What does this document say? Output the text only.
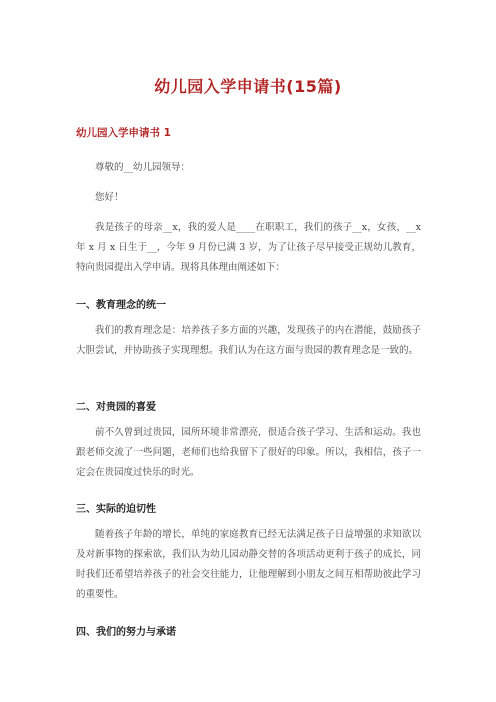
幼儿园入学申请书(15篇)
幼儿园入学申请书 1

尊敬的__幼儿园领导：

您好！

我是孩子的母亲__x，我的爱人是____在职职工，我们的孩子__x，女孩，__x年 x 月 x 日生于__，今年 9 月份已满 3 岁，为了让孩子尽早接受正规幼儿教育，特向贵园提出入学申请。现将具体理由阐述如下：

一、教育理念的统一

我们的教育理念是：培养孩子多方面的兴趣，发现孩子的内在潜能，鼓励孩子大胆尝试，并协助孩子实现理想。我们认为在这方面与贵园的教育理念是一致的。

二、对贵园的喜爱

前不久曾到过贵园，园所环境非常漂亮，很适合孩子学习、生活和运动。我也跟老师交流了一些问题，老师们也给我留下了很好的印象。所以，我相信，孩子一定会在贵园度过快乐的时光。

三、实际的迫切性

随着孩子年龄的增长，单纯的家庭教育已经无法满足孩子日益增强的求知欲以及对新事物的探索欲，我们认为幼儿园动静交替的各项活动更利于孩子的成长，同时我们还希望培养孩子的社会交往能力，让他理解到小朋友之间互相帮助彼此学习的重要性。

四、我们的努力与承诺
